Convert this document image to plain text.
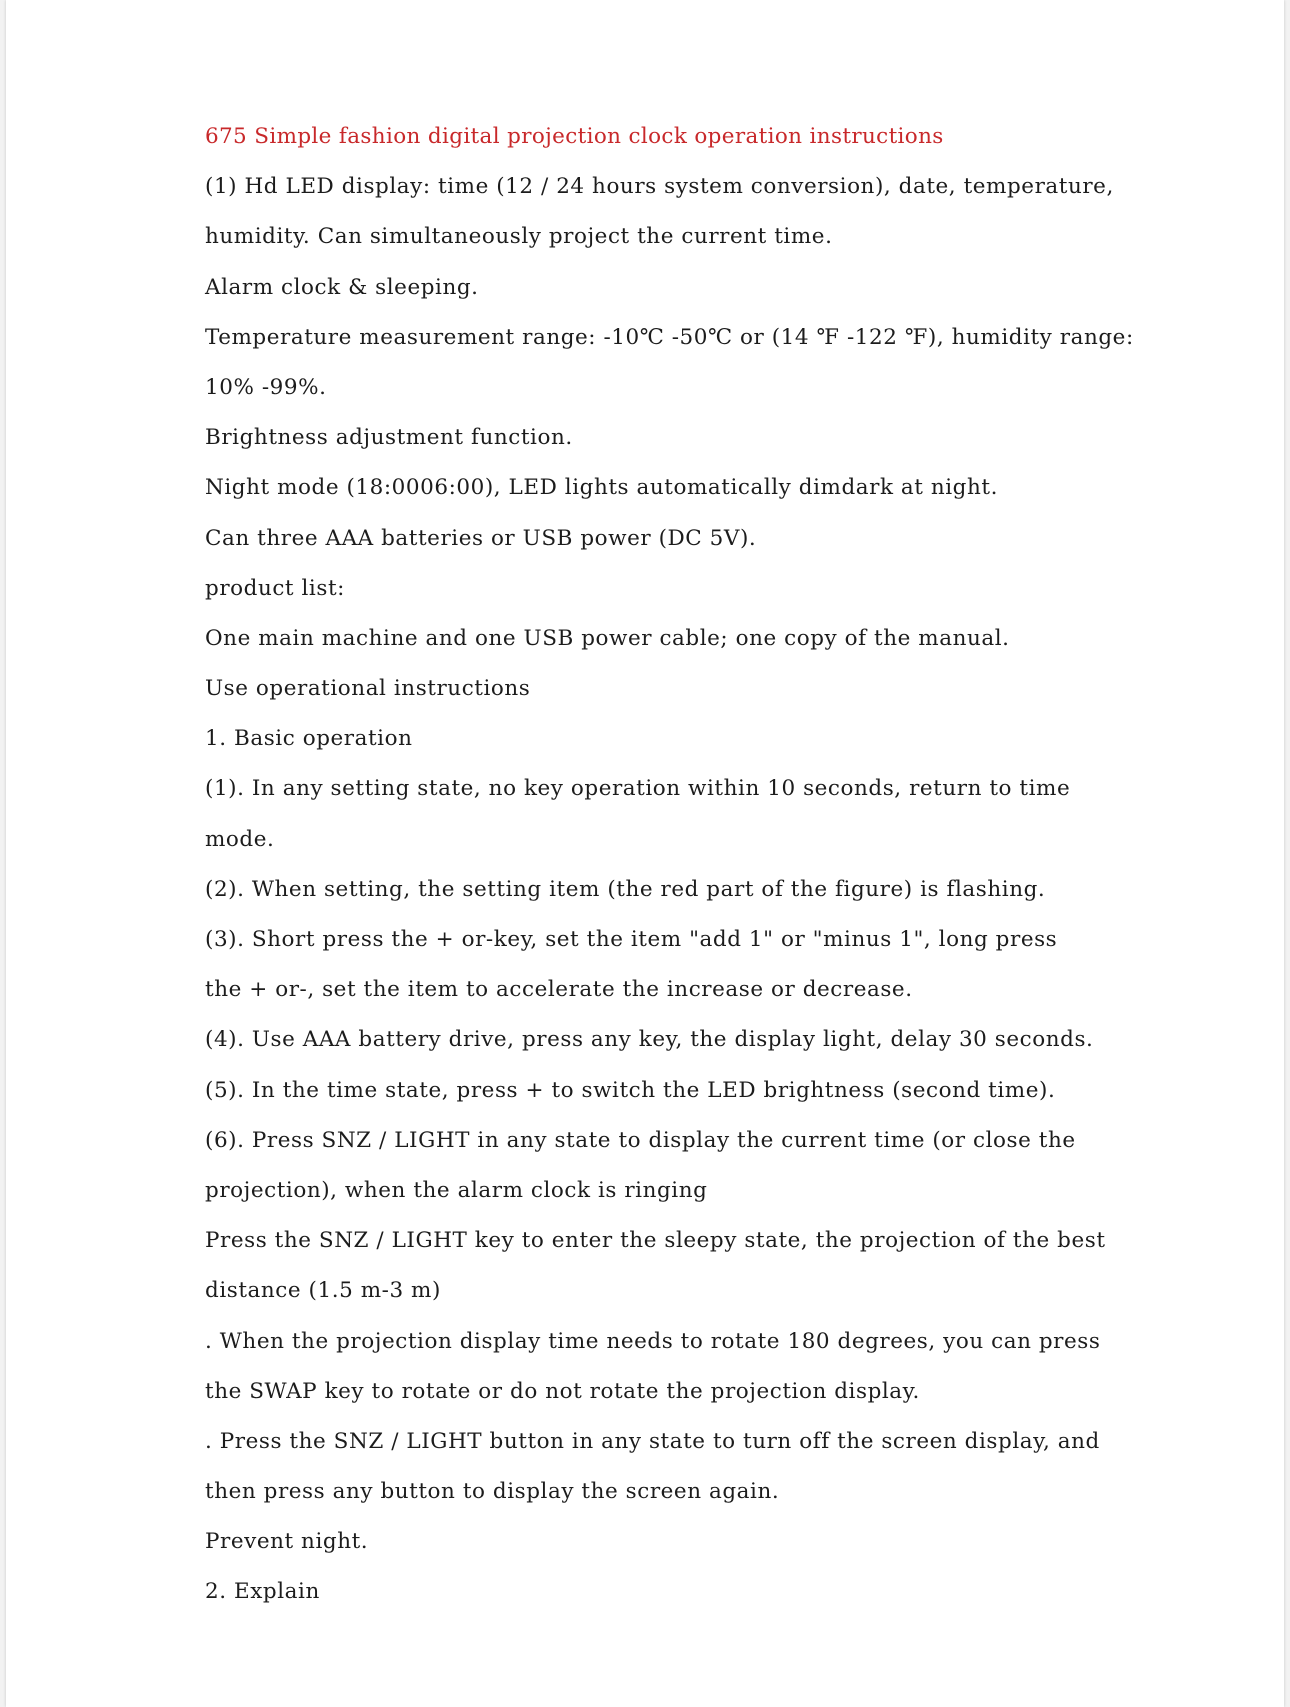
675 Simple fashion digital projection clock operation instructions
(1) Hd LED display: time (12 / 24 hours system conversion), date, temperature,
humidity. Can simultaneously project the current time.
Alarm clock & sleeping.
Temperature measurement range: -10℃ -50℃ or (14 ℉ -122 ℉), humidity range:
10% -99%.
Brightness adjustment function.
Night mode (18:0006:00), LED lights automatically dimdark at night.
Can three AAA batteries or USB power (DC 5V).
product list:
One main machine and one USB power cable; one copy of the manual.
Use operational instructions
1. Basic operation
(1). In any setting state, no key operation within 10 seconds, return to time
mode.
(2). When setting, the setting item (the red part of the figure) is flashing.
(3). Short press the + or-key, set the item "add 1" or "minus 1", long press
the + or-, set the item to accelerate the increase or decrease.
(4). Use AAA battery drive, press any key, the display light, delay 30 seconds.
(5). In the time state, press + to switch the LED brightness (second time).
(6). Press SNZ / LIGHT in any state to display the current time (or close the
projection), when the alarm clock is ringing
Press the SNZ / LIGHT key to enter the sleepy state, the projection of the best
distance (1.5 m-3 m)
. When the projection display time needs to rotate 180 degrees, you can press
the SWAP key to rotate or do not rotate the projection display.
. Press the SNZ / LIGHT button in any state to turn off the screen display, and
then press any button to display the screen again.
Prevent night.
2. Explain
